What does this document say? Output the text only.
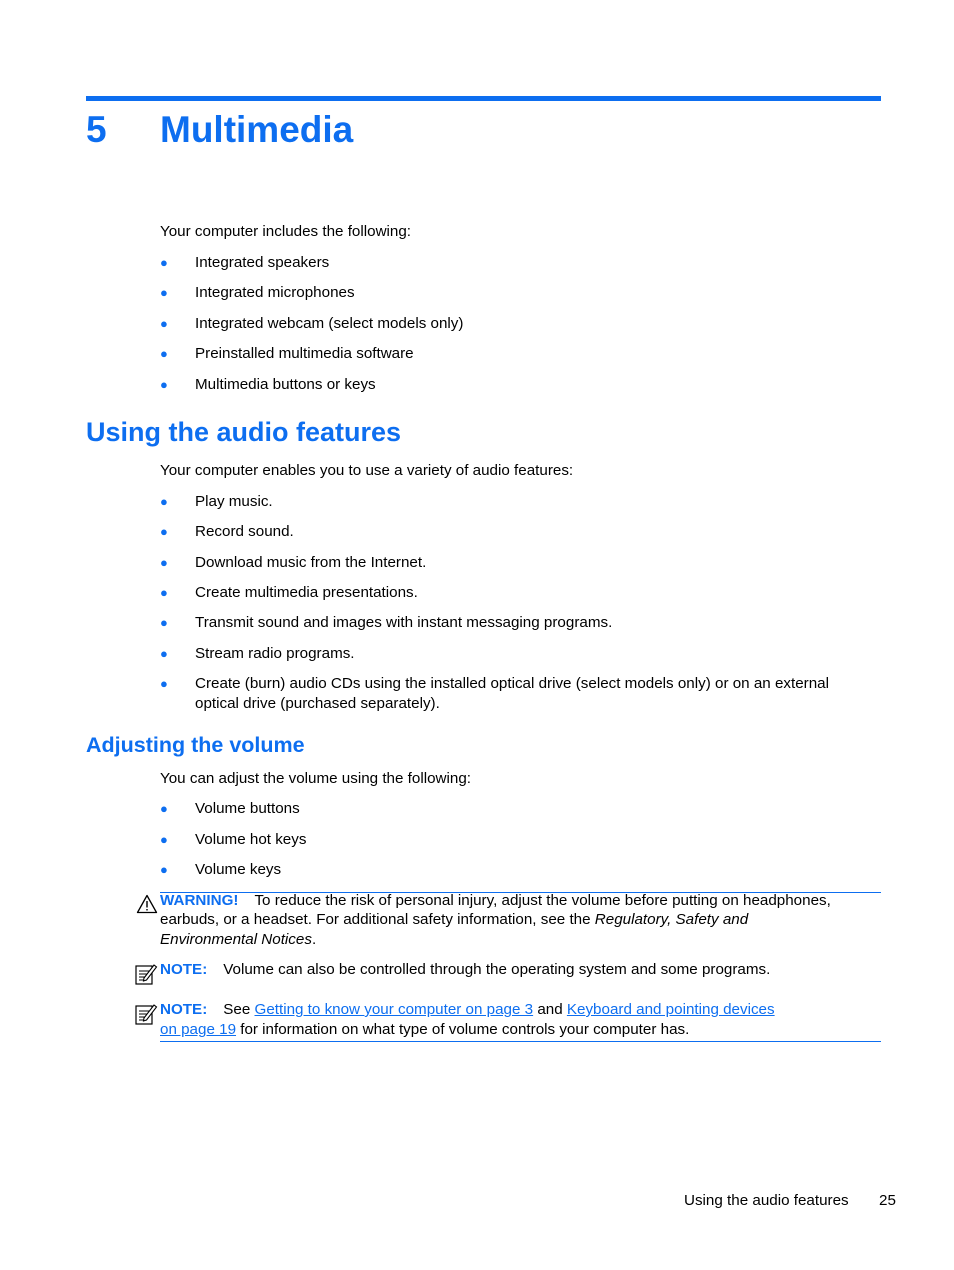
5 Multimedia
Your computer includes the following:
● Integrated speakers
● Integrated microphones
● Integrated webcam (select models only)
● Preinstalled multimedia software
● Multimedia buttons or keys
Using the audio features
Your computer enables you to use a variety of audio features:
● Play music.
● Record sound.
● Download music from the Internet.
● Create multimedia presentations.
● Transmit sound and images with instant messaging programs.
● Stream radio programs.
● Create (burn) audio CDs using the installed optical drive (select models only) or on an external
optical drive (purchased separately).
Adjusting the volume
You can adjust the volume using the following:
● Volume buttons
● Volume hot keys
● Volume keys
WARNING! To reduce the risk of personal injury, adjust the volume before putting on headphones,
earbuds, or a headset. For additional safety information, see the Regulatory, Safety and
Environmental Notices.
NOTE: Volume can also be controlled through the operating system and some programs.
NOTE: See Getting to know your computer on page 3 and Keyboard and pointing devices
on page 19 for information on what type of volume controls your computer has.
Using the audio features 25
